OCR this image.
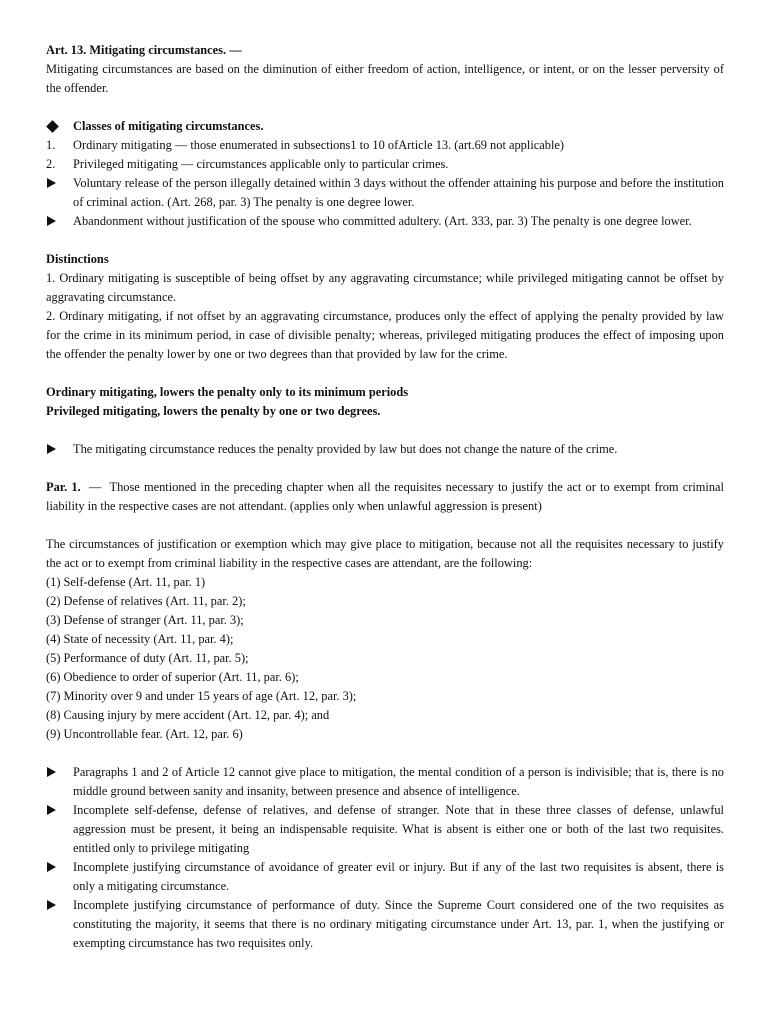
Art. 13. Mitigating circumstances. —

Mitigating circumstances are based on the diminution of either freedom of action, intelligence, or intent, or on the lesser perversity of the offender.

Classes of mitigating circumstances.
1.	Ordinary mitigating — those enumerated in subsections1 to 10 ofArticle 13. (art.69 not applicable)
2.	Privileged mitigating — circumstances applicable only to particular crimes.
Voluntary release of the person illegally detained within 3 days without the offender attaining his purpose and before the institution of criminal action. (Art. 268, par. 3) The penalty is one degree lower.
Abandonment without justification of the spouse who committed adultery. (Art. 333, par. 3) The penalty is one degree lower.

Distinctions

1. Ordinary mitigating is susceptible of being offset by any aggravating circumstance; while privileged mitigating cannot be offset by aggravating circumstance.

2. Ordinary mitigating, if not offset by an aggravating circumstance, produces only the effect of applying the penalty provided by law for the crime in its minimum period, in case of divisible penalty; whereas, privileged mitigating produces the effect of imposing upon the offender the penalty lower by one or two degrees than that provided by law for the crime.

Ordinary mitigating, lowers the penalty only to its minimum periods

Privileged mitigating, lowers the penalty by one or two degrees.

The mitigating circumstance reduces the penalty provided by law but does not change the nature of the crime.

Par. 1. — Those mentioned in the preceding chapter when all the requisites necessary to justify the act or to exempt from criminal liability in the respective cases are not attendant. (applies only when unlawful aggression is present)

The circumstances of justification or exemption which may give place to mitigation, because not all the requisites necessary to justify the act or to exempt from criminal liability in the respective cases are attendant, are the following:

(1) Self-defense (Art. 11, par. 1)

(2) Defense of relatives (Art. 11, par. 2);

(3) Defense of stranger (Art. 11, par. 3);

(4) State of necessity (Art. 11, par. 4);

(5) Performance of duty (Art. 11, par. 5);

(6) Obedience to order of superior (Art. 11, par. 6);

(7) Minority over 9 and under 15 years of age (Art. 12, par. 3);

(8) Causing injury by mere accident (Art. 12, par. 4); and

(9) Uncontrollable fear. (Art. 12, par. 6)

Paragraphs 1 and 2 of Article 12 cannot give place to mitigation, the mental condition of a person is indivisible; that is, there is no middle ground between sanity and insanity, between presence and absence of intelligence.
Incomplete self-defense, defense of relatives, and defense of stranger. Note that in these three classes of defense, unlawful aggression must be present, it being an indispensable requisite. What is absent is either one or both of the last two requisites. entitled only to privilege mitigating
Incomplete justifying circumstance of avoidance of greater evil or injury. But if any of the last two requisites is absent, there is only a mitigating circumstance.
Incomplete justifying circumstance of performance of duty. Since the Supreme Court considered one of the two requisites as constituting the majority, it seems that there is no ordinary mitigating circumstance under Art. 13, par. 1, when the justifying or exempting circumstance has two requisites only.
